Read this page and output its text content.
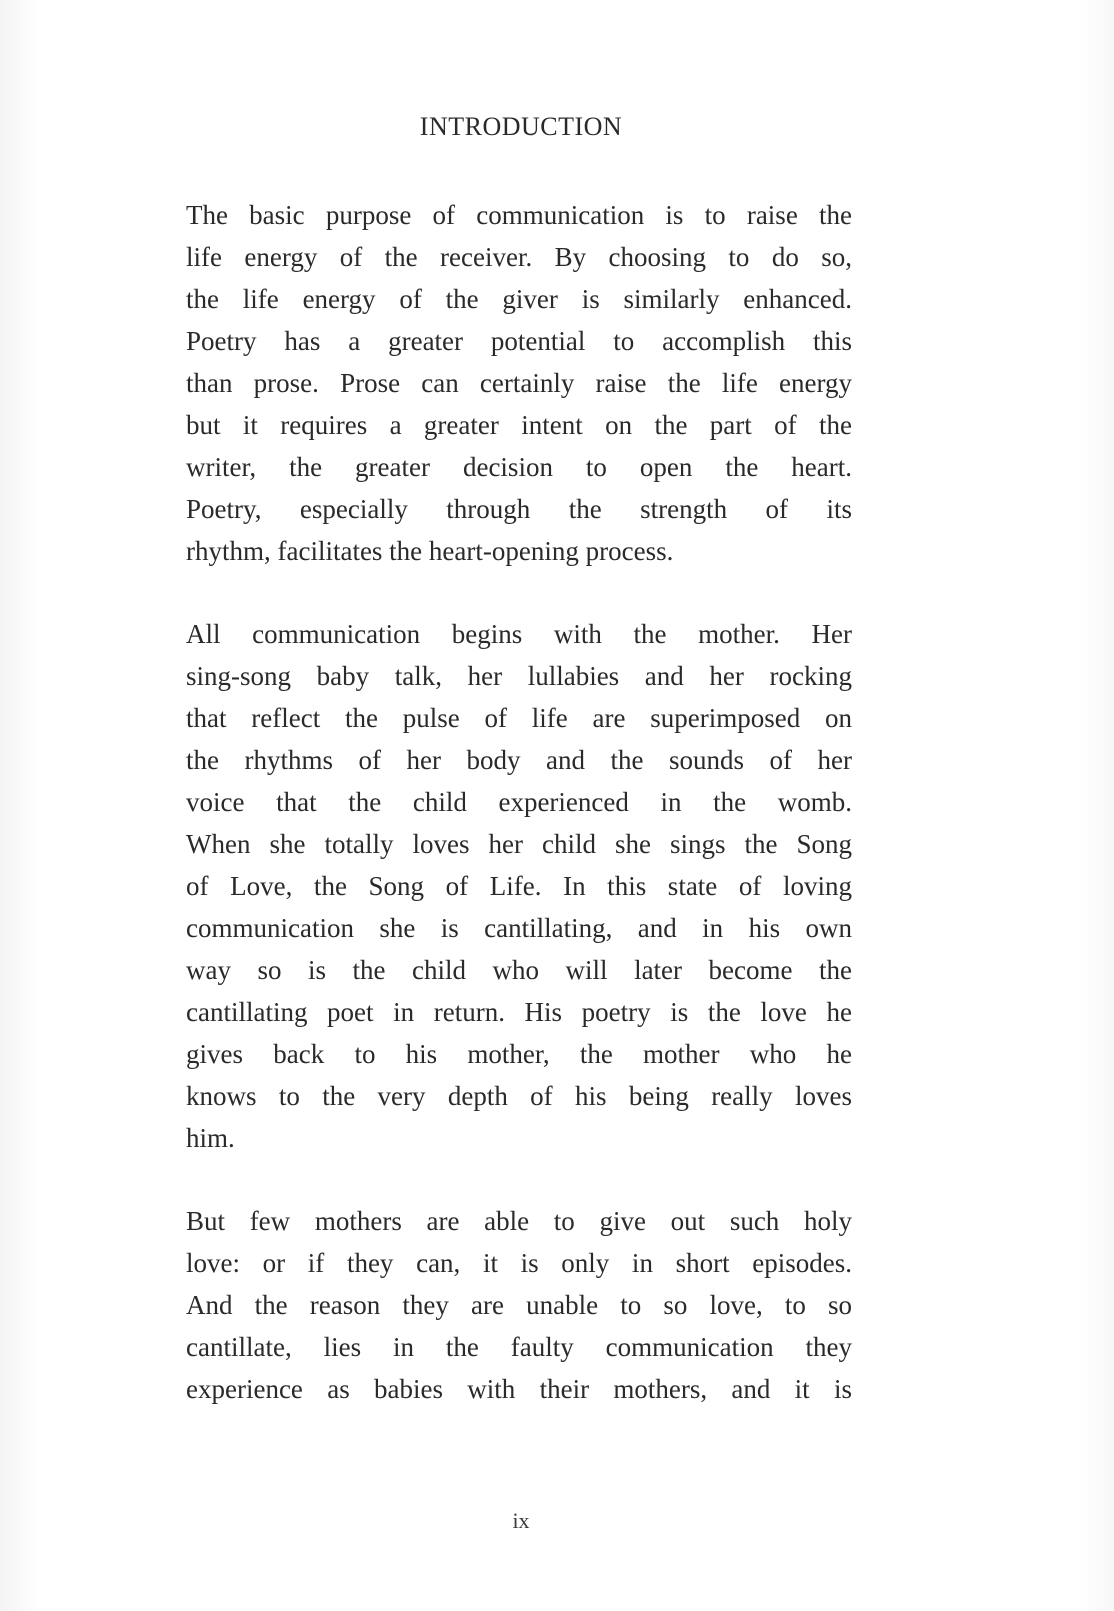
INTRODUCTION
The basic purpose of communication is to raise the
life energy of the receiver. By choosing to do so,
the life energy of the giver is similarly enhanced.
Poetry has a greater potential to accomplish this
than prose. Prose can certainly raise the life energy
but it requires a greater intent on the part of the
writer, the greater decision to open the heart.
Poetry, especially through the strength of its
rhythm, facilitates the heart-opening process.
All communication begins with the mother. Her
sing-song baby talk, her lullabies and her rocking
that reflect the pulse of life are superimposed on
the rhythms of her body and the sounds of her
voice that the child experienced in the womb.
When she totally loves her child she sings the Song
of Love, the Song of Life. In this state of loving
communication she is cantillating, and in his own
way so is the child who will later become the
cantillating poet in return. His poetry is the love he
gives back to his mother, the mother who he
knows to the very depth of his being really loves
him.
But few mothers are able to give out such holy
love: or if they can, it is only in short episodes.
And the reason they are unable to so love, to so
cantillate, lies in the faulty communication they
experience as babies with their mothers, and it is
ix
